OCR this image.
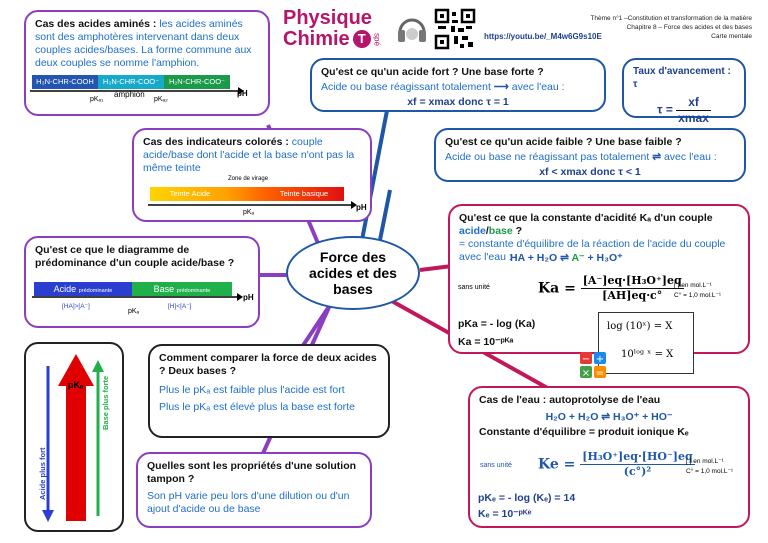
Physique
Chimie T spé
Thème n°1 –Constitution et transformation de la matière
Chapitre 8 – Force des acides et des bases
Carte mentale
https://youtu.be/_M4w6G9s10E
Cas des acides aminés : les acides aminés sont des amphotères intervenant dans deux couples acides/bases. La forme commune aux deux couples se nomme l'amphion.
H₃N-CHR-COOH	H₃N-CHR-COO⁻	H₂N-CHR-COO⁻
pKₐ₁
amphion
pKₐ₂
pH
Qu'est ce qu'un acide fort ? Une base forte ?
Acide ou base réagissant totalement ⟶ avec l'eau :
xf = xmax donc τ = 1
Taux d'avancement : τ
$\tau = \frac{xf}{xmax}$
Qu'est ce qu'un acide faible ? Une base faible ?
Acide ou base ne réagissant pas totalement ⇌ avec l'eau :
xf < xmax donc τ < 1
Cas des indicateurs colorés : couple acide/base dont l'acide et la base n'ont pas la même teinte
Zone de virage
Teinte Acide	Teinte basique
pKₐ
pH
Force des acides et des bases
Qu'est ce que la constante d'acidité Kₐ d'un couple
acide/base ?
= constante d'équilibre de la réaction de l'acide du couple avec l'eau :
HA + H₂O ⇌ A⁻ + H₃O⁺
sans unité	$Ka = \frac{\text{[A⁻]eq·[H₃O⁺]eq}}{[AH]eq\cdot c^\circ}$
[ ] en mol.L⁻¹
C° = 1,0 mol.L⁻¹
pKa = - log (Ka)
Ka = 10⁻ᵖᴷᵃ
log (10ˣ) = X
10ˡᵒᵍ ˣ = X
− +
× =
Qu'est ce que le diagramme de prédominance d'un couple acide/base ?
Acide prédominante	Base prédominante
[HA]>[A⁻]
pKₐ
[H]<[A⁻]
pH
pKₐ
Acide plus fort
Base plus forte
Comment comparer la force de deux acides ? Deux bases ?
Plus le pKₐ est faible plus l'acide est fort
Plus le pKₐ est élevé plus la base est forte
Quelles sont les propriétés d'une solution tampon ?
Son pH varie peu lors d'une dilution ou d'un ajout d'acide ou de base
Cas de l'eau : autoprotolyse de l'eau
H₂O + H₂O ⇌ H₃O⁺ + HO⁻
Constante d'équilibre = produit ionique Kₑ
sans unité $Ke = \frac{\text{[H₃O⁺]eq·[HO⁻]eq}}{\text{(c°)²}}$
[ ] en mol.L⁻¹
C° = 1,0 mol.L⁻¹
pKₑ = - log (Kₑ) = 14
Kₑ = 10⁻ᵖᴷᵉ
